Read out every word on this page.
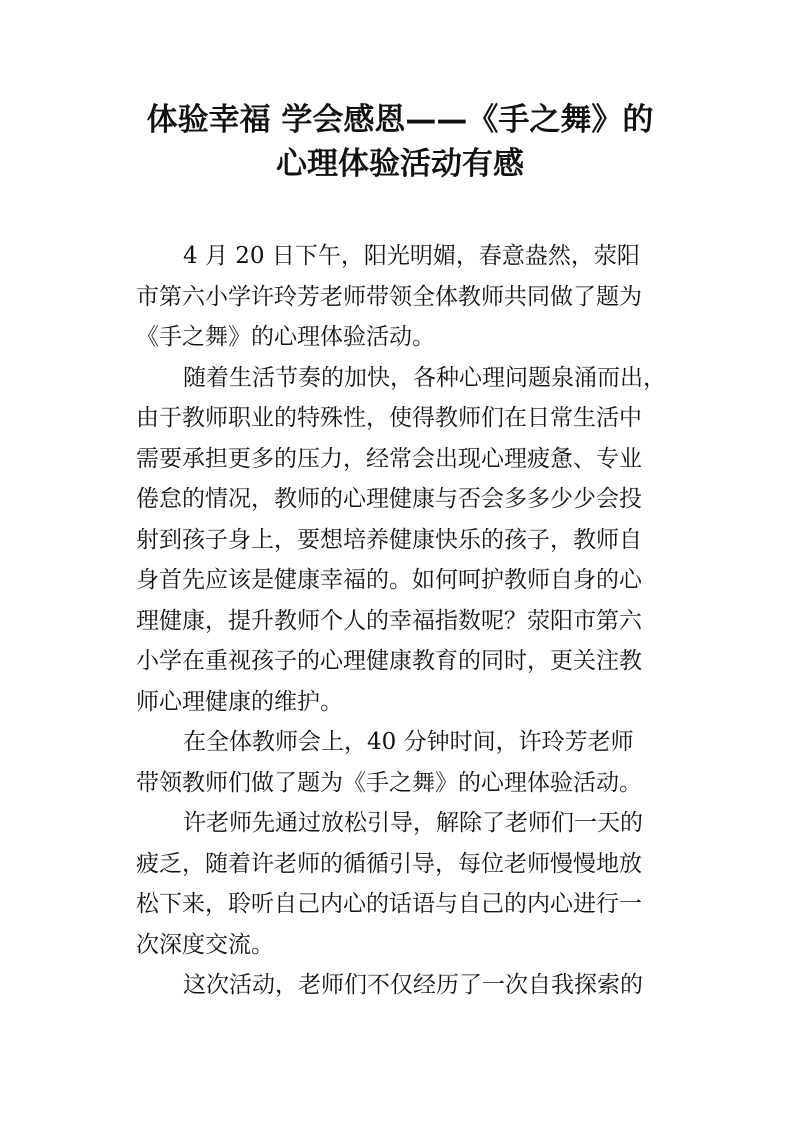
体验幸福 学会感恩——《手之舞》的
心理体验活动有感
4 月 20 日下午，阳光明媚，春意盎然，荥阳
市第六小学许玲芳老师带领全体教师共同做了题为
《手之舞》的心理体验活动。
随着生活节奏的加快，各种心理问题泉涌而出，
由于教师职业的特殊性，使得教师们在日常生活中
需要承担更多的压力，经常会出现心理疲惫、专业
倦怠的情况，教师的心理健康与否会多多少少会投
射到孩子身上，要想培养健康快乐的孩子，教师自
身首先应该是健康幸福的。如何呵护教师自身的心
理健康，提升教师个人的幸福指数呢？荥阳市第六
小学在重视孩子的心理健康教育的同时，更关注教
师心理健康的维护。
在全体教师会上，40 分钟时间，许玲芳老师
带领教师们做了题为《手之舞》的心理体验活动。
许老师先通过放松引导，解除了老师们一天的
疲乏，随着许老师的循循引导，每位老师慢慢地放
松下来，聆听自己内心的话语与自己的内心进行一
次深度交流。
这次活动，老师们不仅经历了一次自我探索的
